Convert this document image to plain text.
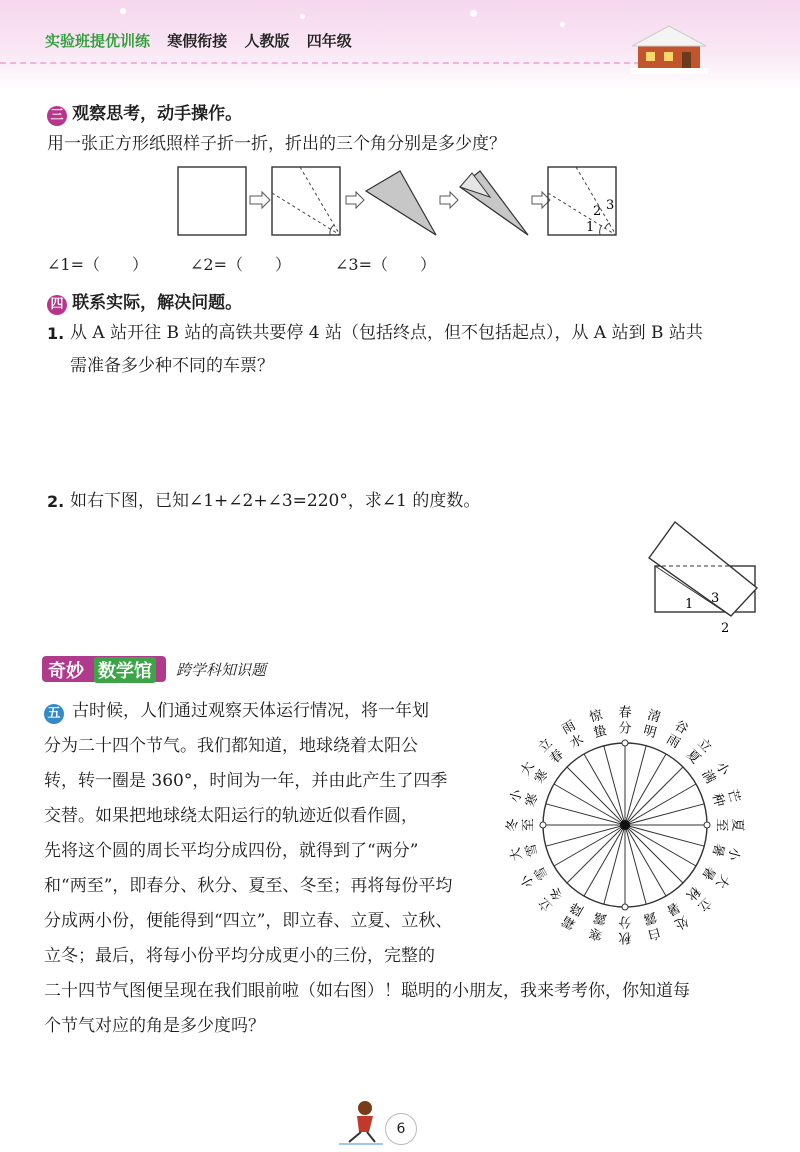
实验班提优训练 寒假衔接 人教版 四年级
三 观察思考，动手操作。
用一张正方形纸照样子折一折，折出的三个角分别是多少度？
1
2 3
∠1=（　　）	∠2=（　　）	∠3=（　　）
四 联系实际，解决问题。
1. 从 A 站开往 B 站的高铁共要停 4 站（包括终点，但不包括起点），从 A 站到 B 站共
需准备多少种不同的车票？
2. 如右下图，已知∠1+∠2+∠3=220°，求∠1 的度数。
1
2
3
奇妙 数学馆 跨学科知识题
五 古时候，人们通过观察天体运行情况，将一年划
分为二十四个节气。我们都知道，地球绕着太阳公
转，转一圈是 360°，时间为一年，并由此产生了四季
交替。如果把地球绕太阳运行的轨迹近似看作圆，
先将这个圆的周长平均分成四份，就得到了“两分”
和“两至”，即春分、秋分、夏至、冬至；再将每份平均
分成两小份，便能得到“四立”，即立春、立夏、立秋、
立冬；最后，将每小份平均分成更小的三份，完整的
二十四节气图便呈现在我们眼前啦（如右图）！聪明的小朋友，我来考考你，你知道每
个节气对应的角是多少度吗？
分
春
明
清
雨
谷
夏
立
满
小
种
芒
至 夏
暑
小
暑
大
秋
立
暑
处
露
白
分
秋
露
寒
降
霜
冬
立
雪
小
雪
大
至
冬
寒
小
寒
大
春
立 水
雨 蛰
惊
6
